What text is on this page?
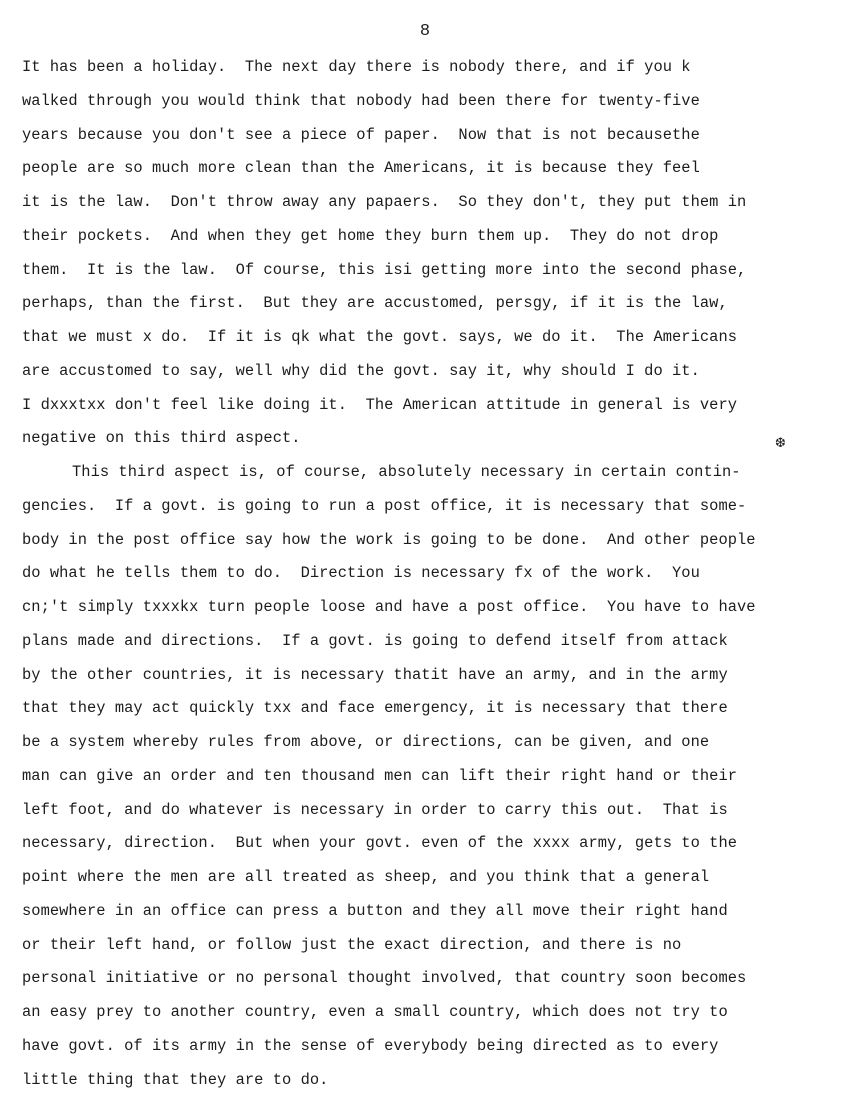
8
It has been a holiday.  The next day there is nobody there, and if you k
walked through you would think that nobody had been there for twenty-five
years because you don't see a piece of paper.  Now that is not becausethe
people are so much more clean than the Americans, it is because they feel
it is the law.  Don't throw away any papaers.  So they don't, they put them in
their pockets.  And when they get home they burn them up.  They do not drop
them.  It is the law.  Of course, this isi getting more into the second phase,
perhaps, than the first.  But they are accustomed, persgy, if it is the law,
that we must x do.  If it is qk what the govt. says, we do it.  The Americans
are accustomed to say, well why did the govt. say it, why should I do it.
I dxxxtxx don't feel like doing it.  The American attitude in general is very
negative on this third aspect.
This third aspect is, of course, absolutely necessary in certain contin-
gencies.  If a govt. is going to run a post office, it is necessary that some-
body in the post office say how the work is going to be done.  And other people
do what he tells them to do.  Direction is necessary fx of the work.  You
cn;'t simply txxxkx turn people loose and have a post office.  You have to have
plans made and directions.  If a govt. is going to defend itself from attack
by the other countries, it is necessary thatit have an army, and in the army
that they may act quickly txx and face emergency, it is necessary that there
be a system whereby rules from above, or directions, can be given, and one
man can give an order and ten thousand men can lift their right hand or their
left foot, and do whatever is necessary in order to carry this out.  That is
necessary, direction.  But when your govt. even of the xxxx army, gets to the
point where the men are all treated as sheep, and you think that a general
somewhere in an office can press a button and they all move their right hand
or their left hand, or follow just the exact direction, and there is no
personal initiative or no personal thought involved, that country soon becomes
an easy prey to another country, even a small country, which does not try to
have govt. of its army in the sense of everybody being directed as to every
little thing that they are to do.
❆
